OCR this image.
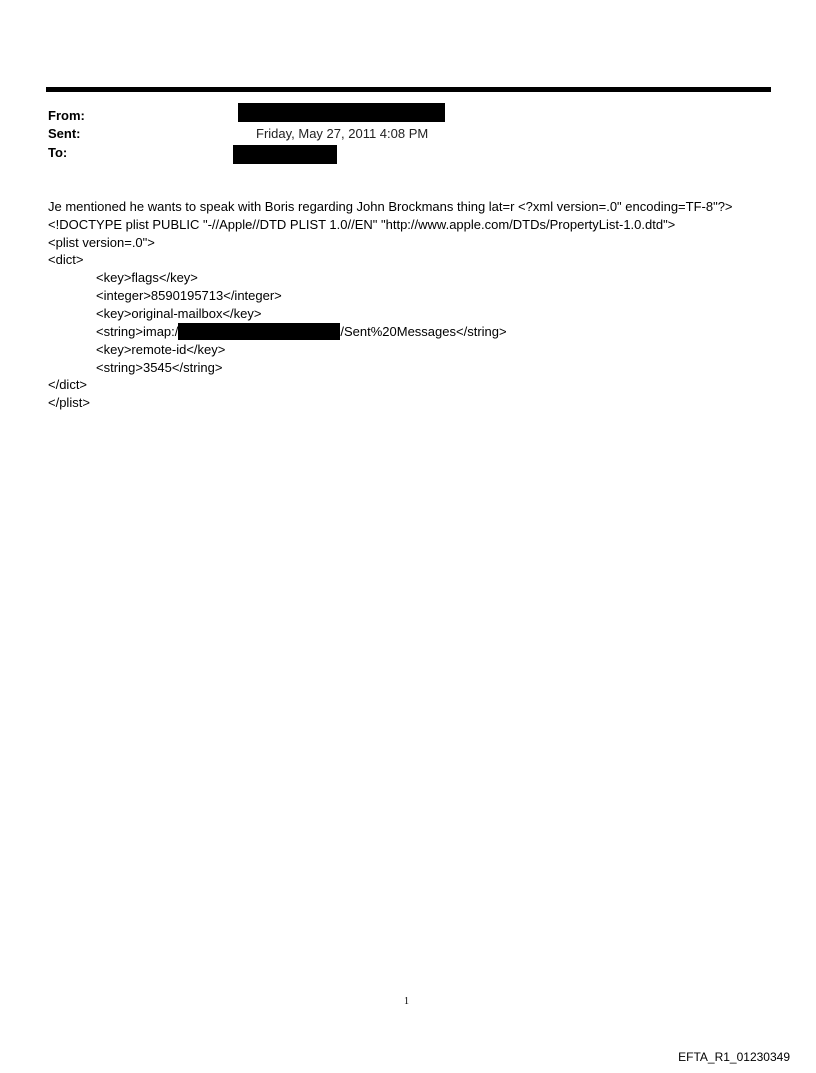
From:
Sent:	Friday, May 27, 2011 4:08 PM
To:
Je mentioned he wants to speak with Boris regarding John Brockmans thing lat=r <?xml version=.0" encoding=TF-8"?>
<!DOCTYPE plist PUBLIC "-//Apple//DTD PLIST 1.0//EN" "http://www.apple.com/DTDs/PropertyList-1.0.dtd">
<plist version=.0">
<dict>
<key>flags</key>
<integer>8590195713</integer>
<key>original-mailbox</key>
<string>imap:/	/Sent%20Messages</string>
<key>remote-id</key>
<string>3545</string>
</dict>
</plist>
1
EFTA_R1_01230349
